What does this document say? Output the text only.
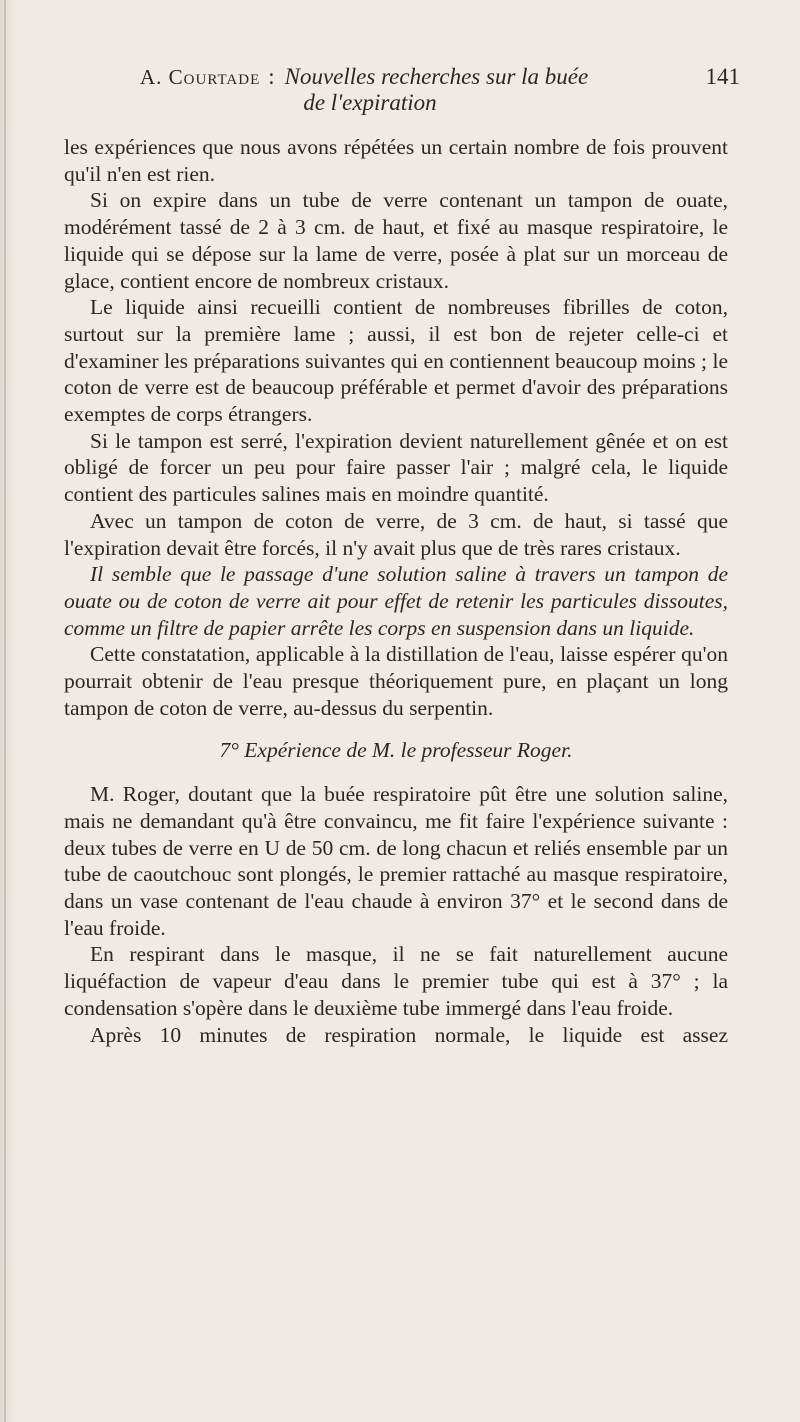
A. Courtade : Nouvelles recherches sur la buée	141
de l'expiration

les expériences que nous avons répétées un certain nombre de fois prouvent qu'il n'en est rien.

Si on expire dans un tube de verre contenant un tampon de ouate, modérément tassé de 2 à 3 cm. de haut, et fixé au masque respiratoire, le liquide qui se dépose sur la lame de verre, posée à plat sur un morceau de glace, contient encore de nombreux cristaux.

Le liquide ainsi recueilli contient de nombreuses fibrilles de coton, surtout sur la première lame ; aussi, il est bon de rejeter celle-ci et d'examiner les préparations suivantes qui en contiennent beaucoup moins ; le coton de verre est de beaucoup préférable et permet d'avoir des préparations exemptes de corps étrangers.

Si le tampon est serré, l'expiration devient naturellement gênée et on est obligé de forcer un peu pour faire passer l'air ; malgré cela, le liquide contient des particules salines mais en moindre quantité.

Avec un tampon de coton de verre, de 3 cm. de haut, si tassé que l'expiration devait être forcés, il n'y avait plus que de très rares cristaux.

Il semble que le passage d'une solution saline à travers un tampon de ouate ou de coton de verre ait pour effet de retenir les particules dissoutes, comme un filtre de papier arrête les corps en suspension dans un liquide.

Cette constatation, applicable à la distillation de l'eau, laisse espérer qu'on pourrait obtenir de l'eau presque théoriquement pure, en plaçant un long tampon de coton de verre, au-dessus du serpentin.

7° Expérience de M. le professeur Roger.

M. Roger, doutant que la buée respiratoire pût être une solution saline, mais ne demandant qu'à être convaincu, me fit faire l'expérience suivante : deux tubes de verre en U de 50 cm. de long chacun et reliés ensemble par un tube de caoutchouc sont plongés, le premier rattaché au masque respiratoire, dans un vase contenant de l'eau chaude à environ 37° et le second dans de l'eau froide.

En respirant dans le masque, il ne se fait naturellement aucune liquéfaction de vapeur d'eau dans le premier tube qui est à 37° ; la condensation s'opère dans le deuxième tube immergé dans l'eau froide.

Après 10 minutes de respiration normale, le liquide est assez
